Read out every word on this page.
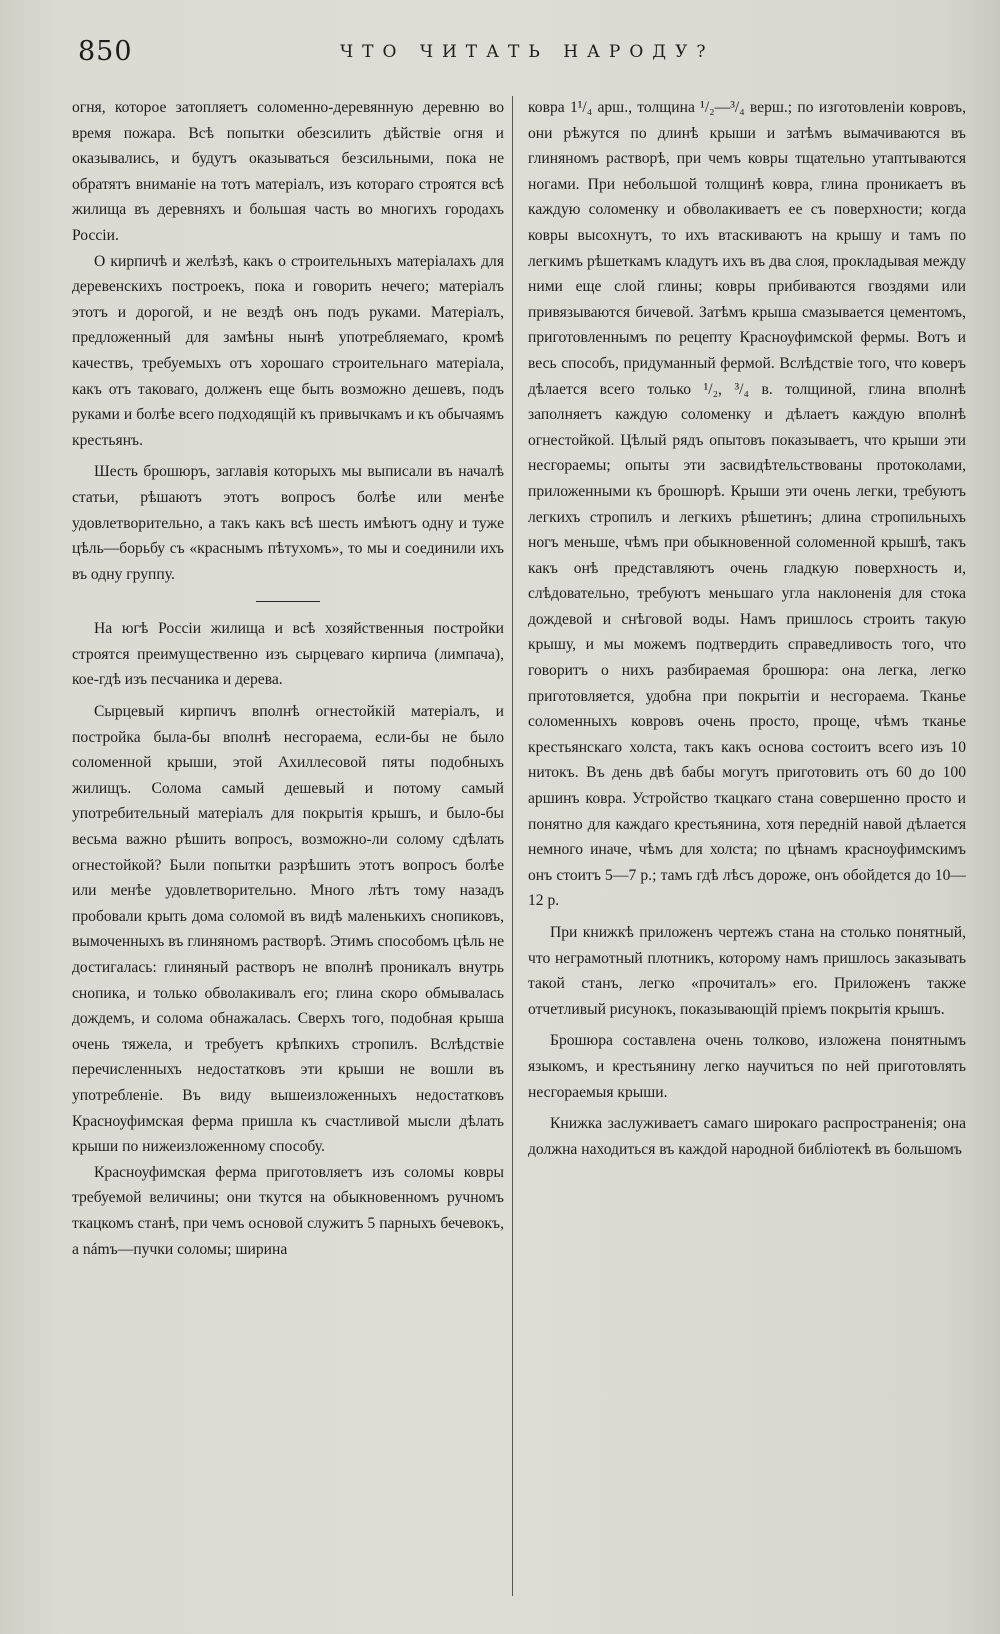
850	ЧТО ЧИТАТЬ НАРОДУ?

огня, которое затопляетъ соломенно-деревянную деревню во время пожара. Всѣ попытки обезсилить дѣйствіе огня и оказывались, и будутъ оказываться безсильными, пока не обратятъ вниманіе на тотъ матеріалъ, изъ котораго строятся всѣ жилища въ деревняхъ и большая часть во многихъ городахъ Россіи.

О кирпичѣ и желѣзѣ, какъ о строительныхъ матеріалахъ для деревенскихъ построекъ, пока и говорить нечего; матеріалъ этотъ и дорогой, и не вездѣ онъ подъ руками. Матеріалъ, предложенный для замѣны нынѣ употребляемаго, кромѣ качествъ, требуемыхъ отъ хорошаго строительнаго матеріала, какъ отъ таковаго, долженъ еще быть возможно дешевъ, подъ руками и болѣе всего подходящій къ привычкамъ и къ обычаямъ крестьянъ.

Шесть брошюръ, заглавія которыхъ мы выписали въ началѣ статьи, рѣшаютъ этотъ вопросъ болѣе или менѣе удовлетворительно, а такъ какъ всѣ шесть имѣютъ одну и туже цѣль—борьбу съ «краснымъ пѣтухомъ», то мы и соединили ихъ въ одну группу.

На югѣ Россіи жилища и всѣ хозяйственныя постройки строятся преимущественно изъ сырцеваго кирпича (лимпача), кое-гдѣ изъ песчаника и дерева.

Сырцевый кирпичъ вполнѣ огнестойкій матеріалъ, и постройка была-бы вполнѣ несгораема, если-бы не было соломенной крыши, этой Ахиллесовой пяты подобныхъ жилищъ. Солома самый дешевый и потому самый употребительный матеріалъ для покрытія крышъ, и было-бы весьма важно рѣшить вопросъ, возможно-ли солому сдѣлать огнестойкой? Были попытки разрѣшить этотъ вопросъ болѣе или менѣе удовлетворительно. Много лѣтъ тому назадъ пробовали крыть дома соломой въ видѣ маленькихъ снопиковъ, вымоченныхъ въ глиняномъ растворѣ. Этимъ способомъ цѣль не достигалась: глиняный растворъ не вполнѣ проникалъ внутрь снопика, и только обволакивалъ его; глина скоро обмывалась дождемъ, и солома обнажалась. Сверхъ того, подобная крыша очень тяжела, и требуетъ крѣпкихъ стропилъ. Вслѣдствіе перечисленныхъ недостатковъ эти крыши не вошли въ употребленіе. Въ виду вышеизложенныхъ недостатковъ Красноуфимская ферма пришла къ счастливой мысли дѣлать крыши по нижеизложенному способу.

Красноуфимская ферма приготовляетъ изъ соломы ковры требуемой величины; они ткутся на обыкновенномъ ручномъ ткацкомъ станѣ, при чемъ основой служитъ 5 парныхъ бечевокъ, а námъ—пучки соломы; ширина

ковра 1¹/₄ арш., толщина ¹/₂—³/₄ верш.; по изготовленіи ковровъ, они рѣжутся по длинѣ крыши и затѣмъ вымачиваются въ глиняномъ растворѣ, при чемъ ковры тщательно утаптываются ногами. При небольшой толщинѣ ковра, глина проникаетъ въ каждую соломенку и обволакиваетъ ее съ поверхности; когда ковры высохнутъ, то ихъ втаскиваютъ на крышу и тамъ по легкимъ рѣшеткамъ кладутъ ихъ въ два слоя, прокладывая между ними еще слой глины; ковры прибиваются гвоздями или привязываются бичевой. Затѣмъ крыша смазывается цементомъ, приготовленнымъ по рецепту Красноуфимской фермы. Вотъ и весь способъ, придуманный фермой. Вслѣдствіе того, что коверъ дѣлается всего только ¹/₂, ³/₄ в. толщиной, глина вполнѣ заполняетъ каждую соломенку и дѣлаетъ каждую вполнѣ огнестойкой. Цѣлый рядъ опытовъ показываетъ, что крыши эти несгораемы; опыты эти засвидѣтельствованы протоколами, приложенными къ брошюрѣ. Крыши эти очень легки, требуютъ легкихъ стропилъ и легкихъ рѣшетинъ; длина стропильныхъ ногъ меньше, чѣмъ при обыкновенной соломенной крышѣ, такъ какъ онѣ представляютъ очень гладкую поверхность и, слѣдовательно, требуютъ меньшаго угла наклоненія для стока дождевой и снѣговой воды. Намъ пришлось строить такую крышу, и мы можемъ подтвердить справедливость того, что говоритъ о нихъ разбираемая брошюра: она легка, легко приготовляется, удобна при покрытіи и несгораема. Тканье соломенныхъ ковровъ очень просто, проще, чѣмъ тканье крестьянскаго холста, такъ какъ основа состоитъ всего изъ 10 нитокъ. Въ день двѣ бабы могутъ приготовить отъ 60 до 100 аршинъ ковра. Устройство ткацкаго стана совершенно просто и понятно для каждаго крестьянина, хотя передній навой дѣлается немного иначе, чѣмъ для холста; по цѣнамъ красноуфимскимъ онъ стоитъ 5—7 р.; тамъ гдѣ лѣсъ дороже, онъ обойдется до 10—12 р.

При книжкѣ приложенъ чертежъ стана на столько понятный, что неграмотный плотникъ, которому намъ пришлось заказывать такой станъ, легко «прочиталъ» его. Приложенъ также отчетливый рисунокъ, показывающій пріемъ покрытія крышъ.

Брошюра составлена очень толково, изложена понятнымъ языкомъ, и крестьянину легко научиться по ней приготовлять несгораемыя крыши.

Книжка заслуживаетъ самаго широкаго распространенія; она должна находиться въ каждой народной библіотекѣ въ большомъ
